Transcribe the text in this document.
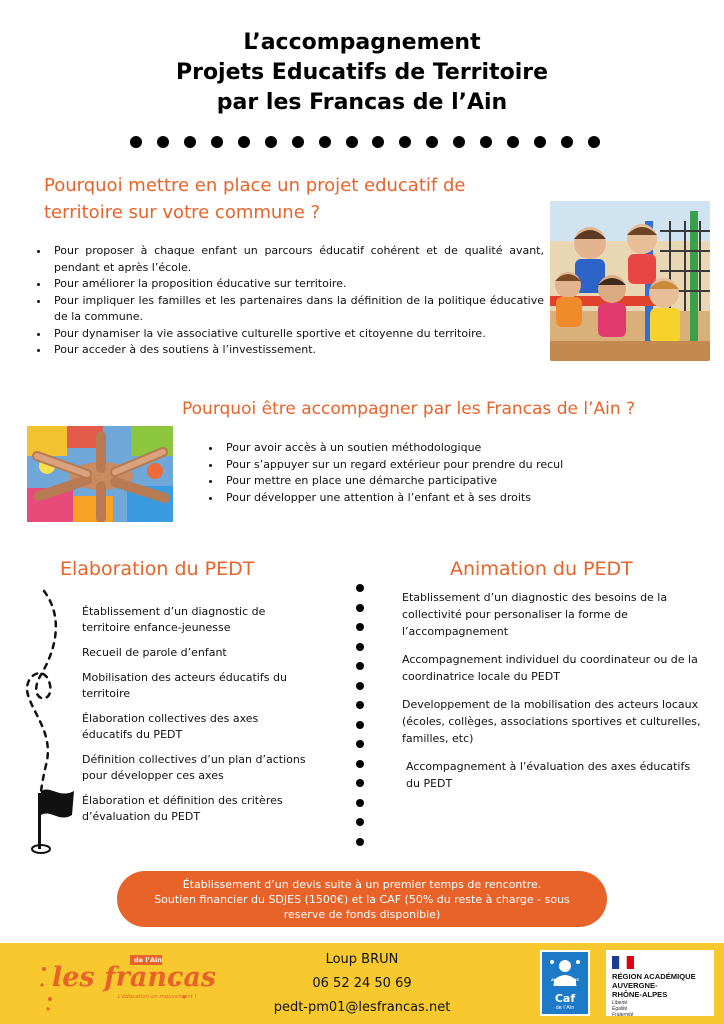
L’accompagnement
Projets Educatifs de Territoire
par les Francas de l’Ain
Pourquoi mettre en place un projet educatif de territoire sur votre commune ?
• Pour proposer à chaque enfant un parcours éducatif cohérent et de qualité avant, pendant et après l’école.
• Pour améliorer la proposition éducative sur territoire.
• Pour impliquer les familles et les partenaires dans la définition de la politique éducative de la commune.
• Pour dynamiser la vie associative culturelle sportive et citoyenne du territoire.
• Pour acceder à des soutiens à l’investissement.
Pourquoi être accompagner par les Francas de l’Ain ?
• Pour avoir accès à un soutien méthodologique
• Pour s’appuyer sur un regard extérieur pour prendre du recul
• Pour mettre en place une démarche participative
• Pour développer une attention à l’enfant et à ses droits
Elaboration du PEDT	Animation du PEDT

Établissement d’un diagnostic de territoire enfance-jeunesse

Recueil de parole d’enfant

Mobilisation des acteurs éducatifs du territoire

Élaboration collectives des axes éducatifs du PEDT

Définition collectives d’un plan d’actions pour développer ces axes

Élaboration et définition des critères d’évaluation du PEDT

Etablissement d’un diagnostic des besoins de la collectivité pour personaliser la forme de l’accompagnement

Accompagnement individuel du coordinateur ou de la coordinatrice locale du PEDT

Developpement de la mobilisation des acteurs locaux (écoles, collèges, associations sportives et culturelles, familles, etc)

Accompagnement à l’évaluation des axes éducatifs du PEDT

Établissement d’un devis suite à un premier temps de rencontre.
Soutien financier du SDJES (1500€) et la CAF (50% du reste à charge - sous
reserve de fonds disponible)
de l’Ain
les francas
L’éducation en mouvement !
Loup BRUN
06 52 24 50 69
pedt-pm01@lesfrancas.net
ALLOCATIONS
FAMILIALES
Caf
de l’Ain
RÉGION ACADÉMIQUE
AUVERGNE-
RHÔNE-ALPES
Liberté
Égalité
Fraternité
